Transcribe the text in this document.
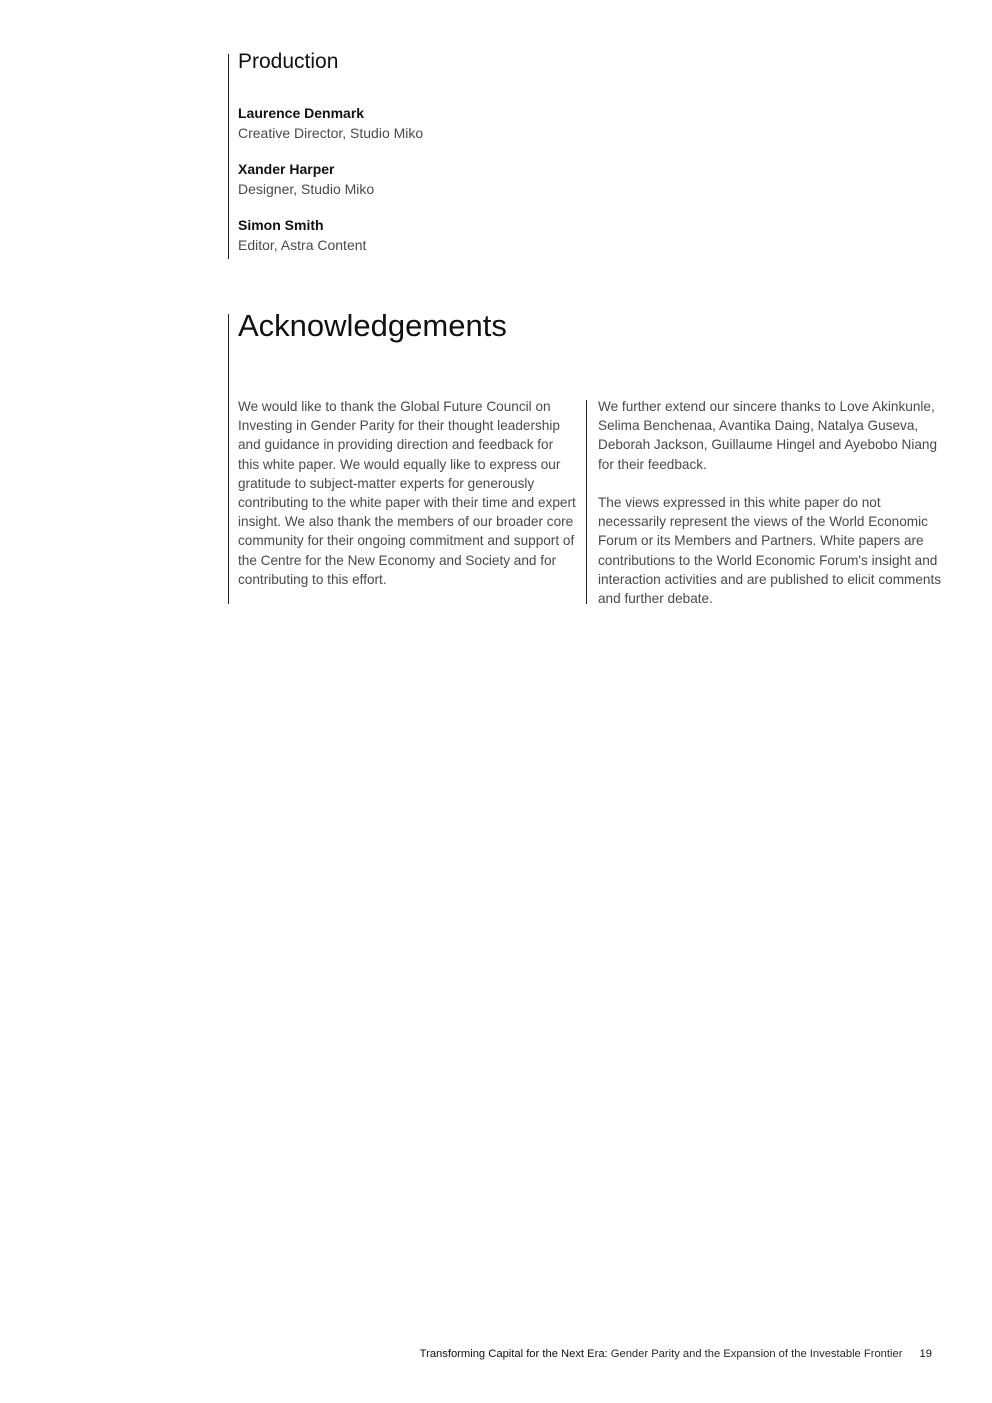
Production
Laurence Denmark
Creative Director, Studio Miko
Xander Harper
Designer, Studio Miko
Simon Smith
Editor, Astra Content
Acknowledgements

We would like to thank the Global Future Council on Investing in Gender Parity for their thought leadership and guidance in providing direction and feedback for this white paper. We would equally like to express our gratitude to subject-matter experts for generously contributing to the white paper with their time and expert insight. We also thank the members of our broader core community for their ongoing commitment and support of the Centre for the New Economy and Society and for contributing to this effort.

We further extend our sincere thanks to Love Akinkunle, Selima Benchenaa, Avantika Daing, Natalya Guseva, Deborah Jackson, Guillaume Hingel and Ayebobo Niang for their feedback.

The views expressed in this white paper do not necessarily represent the views of the World Economic Forum or its Members and Partners. White papers are contributions to the World Economic Forum's insight and interaction activities and are published to elicit comments and further debate.

Transforming Capital for the Next Era: Gender Parity and the Expansion of the Investable Frontier 19
